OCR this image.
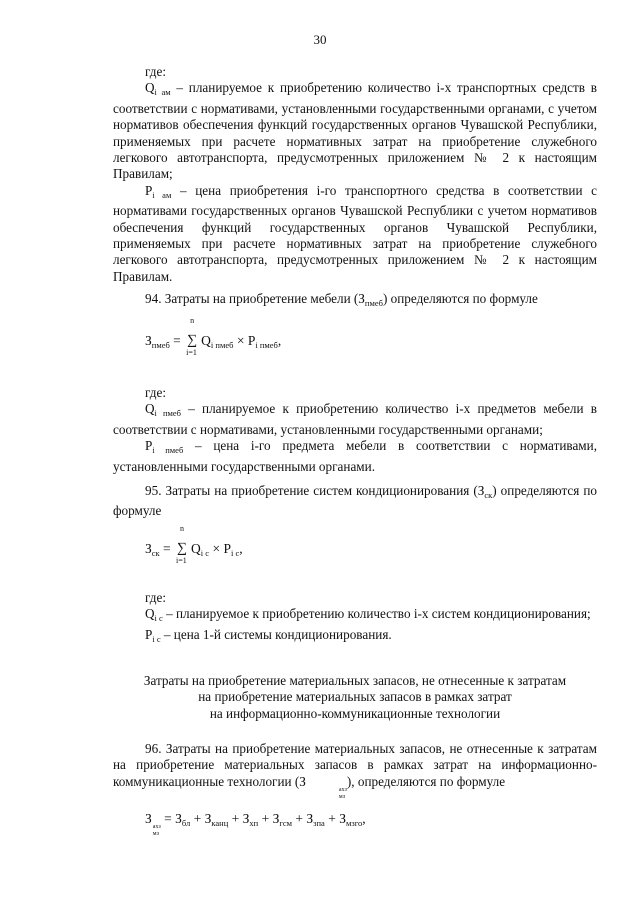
30

где:

$Q_{i ам}$ – планируемое к приобретению количество i-х транспортных средств в соответствии с нормативами, установленными государственными органами, с учетом нормативов обеспечения функций государственных органов Чувашской Республики, применяемых при расчете нормативных затрат на приобретение служебного легкового автотранспорта, предусмотренных приложением № 2 к настоящим Правилам;

$P_{i ам}$ – цена приобретения i-го транспортного средства в соответствии с нормативами государственных органов Чувашской Республики с учетом нормативов обеспечения функций государственных органов Чувашской Республики, применяемых при расчете нормативных затрат на приобретение служебного легкового автотранспорта, предусмотренных приложением № 2 к настоящим Правилам.

94. Затраты на приобретение мебели $(З_{пмеб})$ определяются по формуле

$З_{пмеб}$ =
n
∑
i=1
$Q_{i пмеб} \times P_{i пмеб}$,

где:

$Q_{i пмеб}$ – планируемое к приобретению количество i-х предметов мебели в соответствии с нормативами, установленными государственными органами;

$P_{i пмеб}$ – цена i-го предмета мебели в соответствии с нормативами, установленными государственными органами.

95. Затраты на приобретение систем кондиционирования $(З_{ск})$ определяются по формуле

$З_{ск}$ =
n
∑
i=1
$Q_{i с} \times P_{i с}$,

где:

$Q_{i с}$ – планируемое к приобретению количество i-х систем кондиционирования;

$P_{i с}$ – цена 1-й системы кондиционирования.

Затраты на приобретение материальных запасов, не отнесенные к затратам
на приобретение материальных запасов в рамках затрат
на информационно-коммуникационные технологии

96. Затраты на приобретение материальных запасов, не отнесенные к затратам на приобретение материальных запасов в рамках затрат на информационно-коммуникационные технологии (З
ахз
мз
), определяются по формуле

З
ахз
мз
= $З_{бл} + З_{канц} + З_{хп} + З_{гсм} + З_{зпа} + З_{мзго}$,
